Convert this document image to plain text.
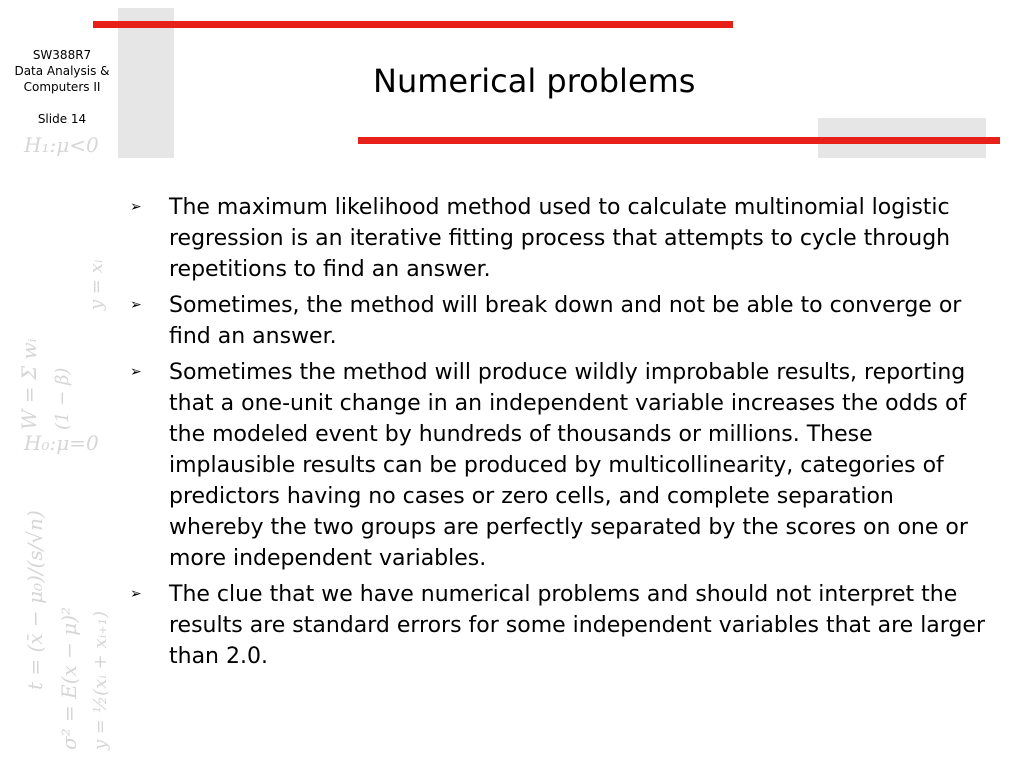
SW388R7
Data Analysis &
Computers II
Slide 14
H₁:μ<0
W = Σ wᵢ (1 − β)
y = xᵢ
H₀:μ=0
t = (x̄ − μ₀)/(s/√n) σ² = E(x − μ)² y = ½(xᵢ + xᵢ₊₁)
Numerical problems
➢ The maximum likelihood method used to calculate multinomial logistic regression is an iterative fitting process that attempts to cycle through repetitions to find an answer.
➢ Sometimes, the method will break down and not be able to converge or find an answer.
➢ Sometimes the method will produce wildly improbable results, reporting that a one-unit change in an independent variable increases the odds of the modeled event by hundreds of thousands or millions. These implausible results can be produced by multicollinearity, categories of predictors having no cases or zero cells, and complete separation whereby the two groups are perfectly separated by the scores on one or more independent variables.
➢ The clue that we have numerical problems and should not interpret the results are standard errors for some independent variables that are larger than 2.0.
